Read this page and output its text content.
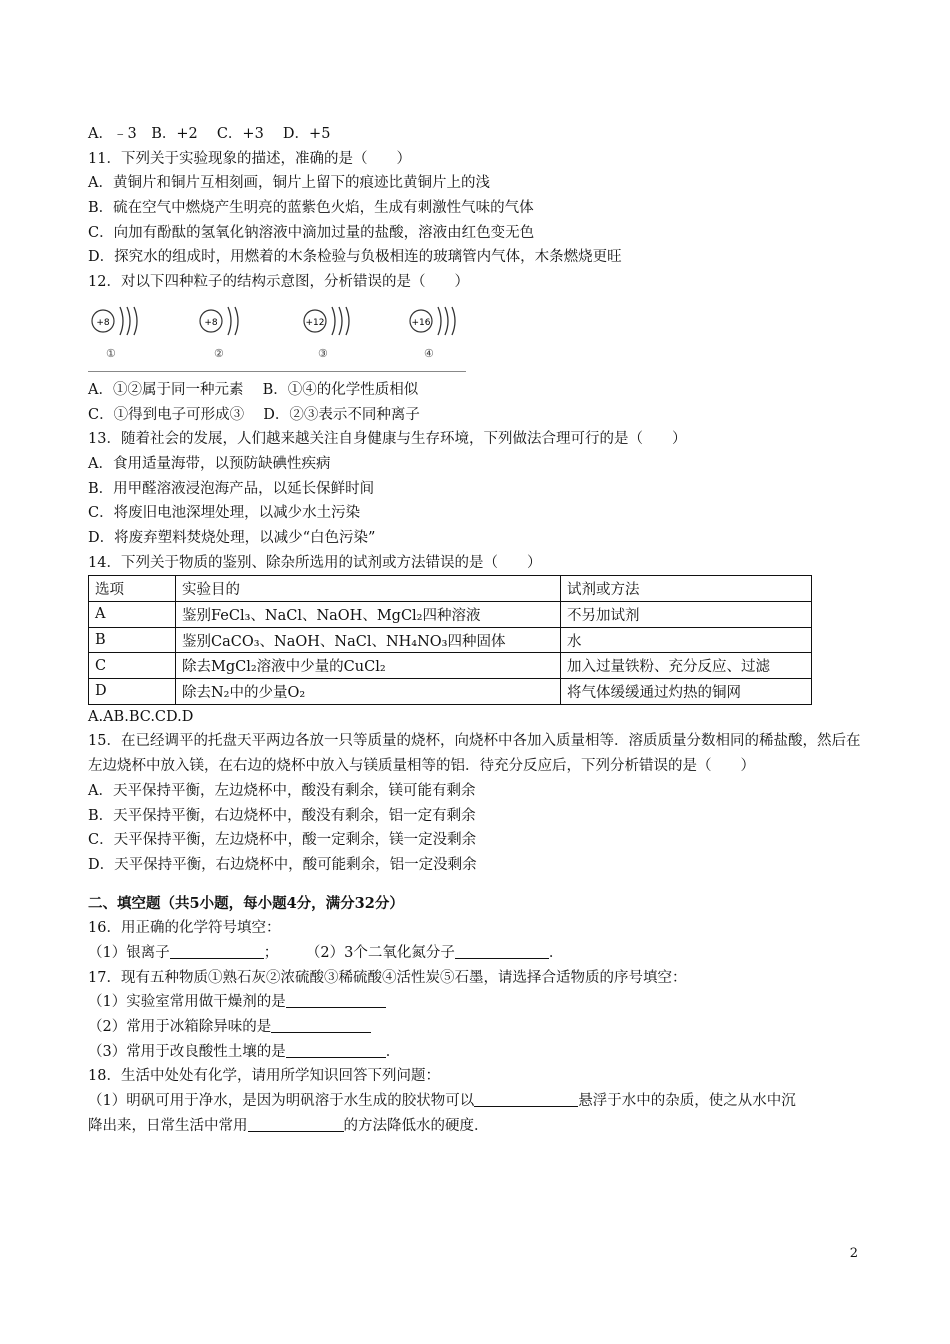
A．﹣3　B．+2　 C．+3　 D．+5
11．下列关于实验现象的描述，准确的是（　　）
A．黄铜片和铜片互相刻画，铜片上留下的痕迹比黄铜片上的浅
B．硫在空气中燃烧产生明亮的蓝紫色火焰，生成有刺激性气味的气体
C．向加有酚酞的氢氧化钠溶液中滴加过量的盐酸，溶液由红色变无色
D．探究水的组成时，用燃着的木条检验与负极相连的玻璃管内气体，木条燃烧更旺
12．对以下四种粒子的结构示意图，分析错误的是（　　）
+8
①
+8
②
+12
③
+16
④
A．①②属于同一种元素　 B．①④的化学性质相似
C．①得到电子可形成③　 D．②③表示不同种离子
13．随着社会的发展，人们越来越关注自身健康与生存环境，下列做法合理可行的是（　　）
A．食用适量海带，以预防缺碘性疾病
B．用甲醛溶液浸泡海产品，以延长保鲜时间
C．将废旧电池深埋处理，以减少水土污染
D．将废弃塑料焚烧处理，以减少“白色污染”
14．下列关于物质的鉴别、除杂所选用的试剂或方法错误的是（　　）
选项	实验目的	试剂或方法
A	鉴别FeCl₃、NaCl、NaOH、MgCl₂四种溶液	不另加试剂
B	鉴别CaCO₃、NaOH、NaCl、NH₄NO₃四种固体	水
C	除去MgCl₂溶液中少量的CuCl₂	加入过量铁粉、充分反应、过滤
D	除去N₂中的少量O₂	将气体缓缓通过灼热的铜网
A.AB.BC.CD.D
15．在已经调平的托盘天平两边各放一只等质量的烧杯，向烧杯中各加入质量相等．溶质质量分数相同的稀盐酸，然后在左边烧杯中放入镁，在右边的烧杯中放入与镁质量相等的铝．待充分反应后，下列分析错误的是（　　）
A．天平保持平衡，左边烧杯中，酸没有剩余，镁可能有剩余
B．天平保持平衡，右边烧杯中，酸没有剩余，铝一定有剩余
C．天平保持平衡，左边烧杯中，酸一定剩余，镁一定没剩余
D．天平保持平衡，右边烧杯中，酸可能剩余，铝一定没剩余
二、填空题（共5小题，每小题4分，满分32分）
16．用正确的化学符号填空：
（1）银离子	； （2）3个二氧化氮分子	．
17．现有五种物质①熟石灰②浓硫酸③稀硫酸④活性炭⑤石墨，请选择合适物质的序号填空：
（1）实验室常用做干燥剂的是
（2）常用于冰箱除异味的是
（3）常用于改良酸性土壤的是	．
18．生活中处处有化学，请用所学知识回答下列问题：
（1）明矾可用于净水，是因为明矾溶于水生成的胶状物可以	悬浮于水中的杂质，使之从水中沉
降出来，日常生活中常用	的方法降低水的硬度．
2
